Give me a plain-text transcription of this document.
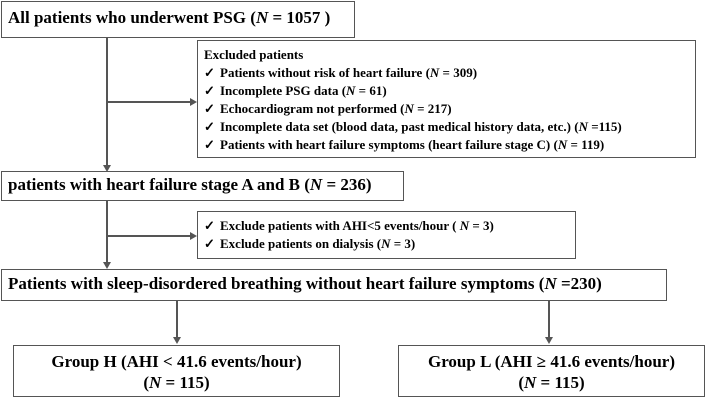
All patients who underwent PSG (N = 1057 )
Excluded patients
✓ Patients without risk of heart failure (N = 309)
✓ Incomplete PSG data (N = 61)
✓ Echocardiogram not performed (N = 217)
✓ Incomplete data set (blood data, past medical history data, etc.) (N =115)
✓ Patients with heart failure symptoms (heart failure stage C) (N = 119)
patients with heart failure stage A and B (N = 236)
✓ Exclude patients with AHI<5 events/hour ( N = 3)
✓ Exclude patients on dialysis (N = 3)
Patients with sleep-disordered breathing without heart failure symptoms (N =230)
Group H (AHI < 41.6 events/hour)
(N = 115)
Group L (AHI ≥ 41.6 events/hour)
(N = 115)
